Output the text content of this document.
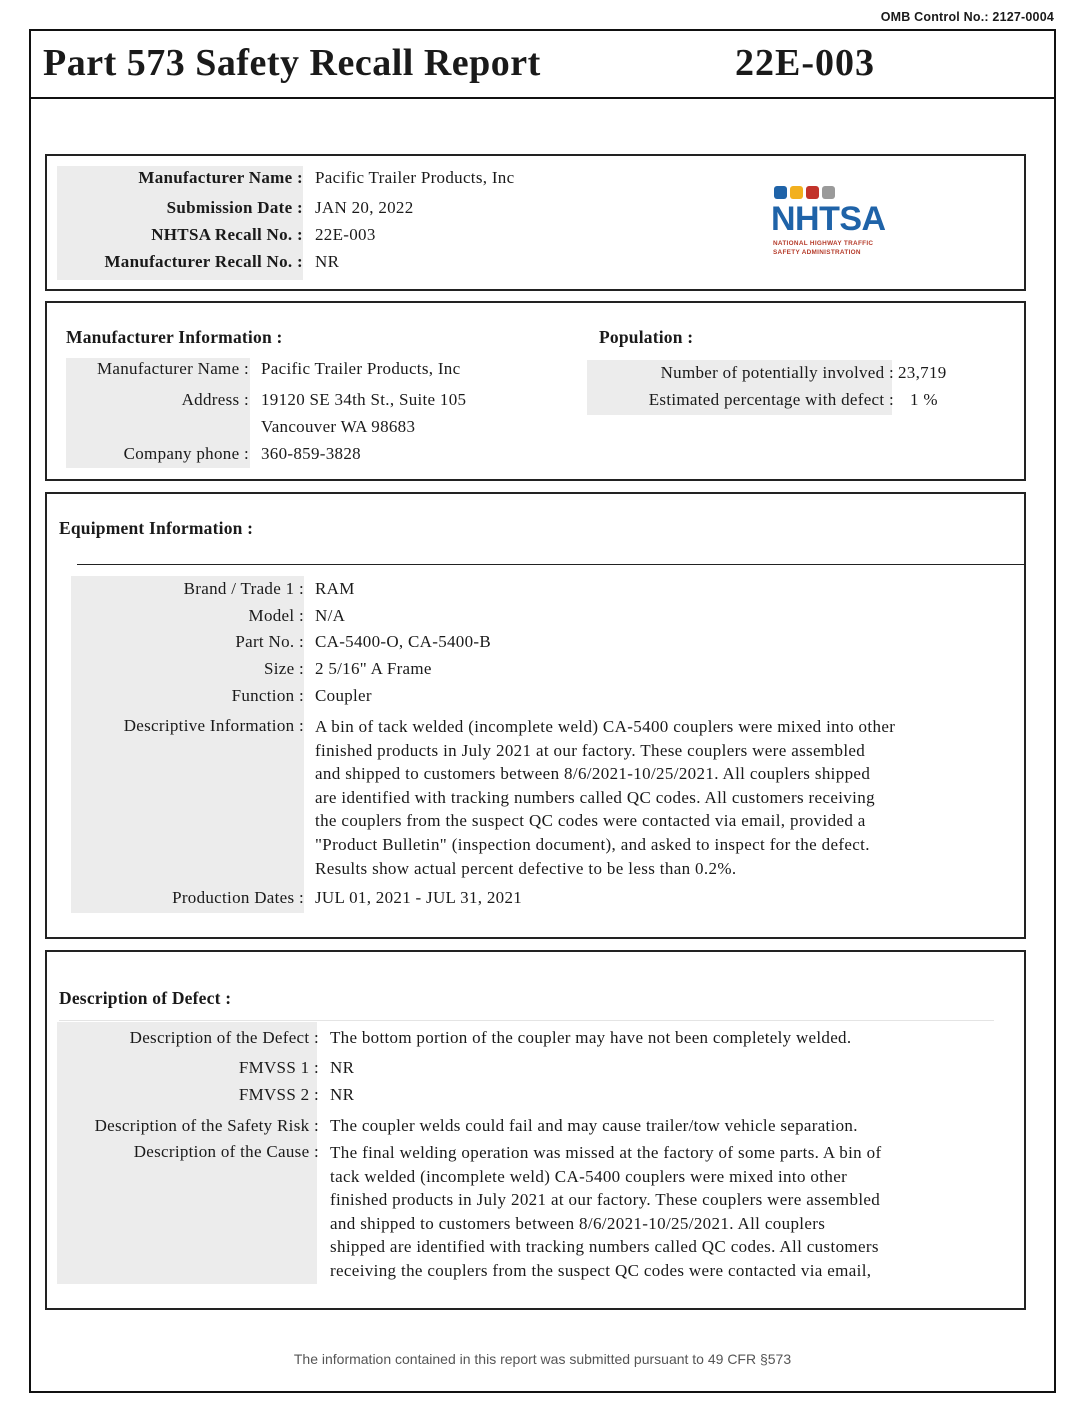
OMB Control No.: 2127-0004
Part 573 Safety Recall Report	22E-003
Manufacturer Name : Pacific Trailer Products, Inc
Submission Date : JAN 20, 2022
NHTSA Recall No. : 22E-003
Manufacturer Recall No. : NR
NHTSA
NATIONAL HIGHWAY TRAFFIC
SAFETY ADMINISTRATION
Manufacturer Information :
Manufacturer Name : Pacific Trailer Products, Inc
Address : 19120 SE 34th St., Suite 105
Vancouver WA 98683
Company phone : 360-859-3828
Population :
Number of potentially involved : 23,719
Estimated percentage with defect : 1 %
Equipment Information :
Brand / Trade 1 : RAM
Model : N/A
Part No. : CA-5400-O, CA-5400-B
Size : 2 5/16" A Frame
Function : Coupler
Descriptive Information : A bin of tack welded (incomplete weld) CA-5400 couplers were mixed into other
finished products in July 2021 at our factory. These couplers were assembled
and shipped to customers between 8/6/2021-10/25/2021. All couplers shipped
are identified with tracking numbers called QC codes. All customers receiving
the couplers from the suspect QC codes were contacted via email, provided a
"Product Bulletin" (inspection document), and asked to inspect for the defect.
Results show actual percent defective to be less than 0.2%.
Production Dates : JUL 01, 2021 - JUL 31, 2021
Description of Defect :
Description of the Defect : The bottom portion of the coupler may have not been completely welded.
FMVSS 1 : NR
FMVSS 2 : NR
Description of the Safety Risk : The coupler welds could fail and may cause trailer/tow vehicle separation.
Description of the Cause : The final welding operation was missed at the factory of some parts. A bin of
tack welded (incomplete weld) CA-5400 couplers were mixed into other
finished products in July 2021 at our factory. These couplers were assembled
and shipped to customers between 8/6/2021-10/25/2021. All couplers
shipped are identified with tracking numbers called QC codes. All customers
receiving the couplers from the suspect QC codes were contacted via email,
The information contained in this report was submitted pursuant to 49 CFR §573
